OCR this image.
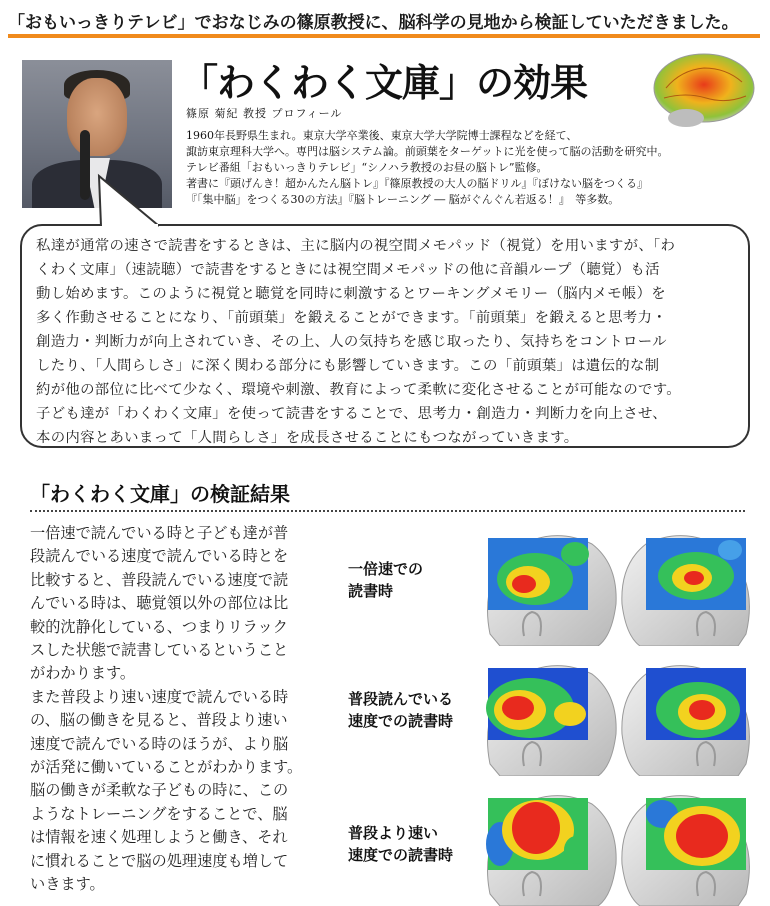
「おもいっきりテレビ」でおなじみの篠原教授に、脳科学の見地から検証していただきました。
「わくわく文庫」の効果
篠原 菊紀 教授 プロフィール
1960年長野県生まれ。東京大学卒業後、東京大学大学院博士課程などを経て、
諏訪東京理科大学へ。専門は脳システム論。前頭葉をターゲットに光を使って脳の活動を研究中。
テレビ番組「おもいっきりテレビ」“シノハラ教授のお昼の脳トレ”監修。
著書に『頭げんき！超かんたん脳トレ』『篠原教授の大人の脳ドリル』『ぼけない脳をつくる』
『「集中脳」をつくる30の方法』『脳トレーニング ― 脳がぐんぐん若返る！』　等多数。
私達が通常の速さで読書をするときは、主に脳内の視空間メモパッド（視覚）を用いますが、「わ
くわく文庫」（速読聴）で読書をするときには視空間メモパッドの他に音韻ループ（聴覚）も活
動し始めます。このように視覚と聴覚を同時に刺激するとワーキングメモリー（脳内メモ帳）を
多く作動させることになり、「前頭葉」を鍛えることができます。「前頭葉」を鍛えると思考力・
創造力・判断力が向上されていき、その上、人の気持ちを感じ取ったり、気持ちをコントロール
したり、「人間らしさ」に深く関わる部分にも影響していきます。この「前頭葉」は遺伝的な制
約が他の部位に比べて少なく、環境や刺激、教育によって柔軟に変化させることが可能なのです。
子ども達が「わくわく文庫」を使って読書をすることで、思考力・創造力・判断力を向上させ、
本の内容とあいまって「人間らしさ」を成長させることにもつながっていきます。
「わくわく文庫」の検証結果
一倍速で読んでいる時と子ども達が普
段読んでいる速度で読んでいる時とを
比較すると、普段読んでいる速度で読
んでいる時は、聴覚領以外の部位は比
較的沈静化している、つまりリラック
スした状態で読書しているということ
がわかります。
また普段より速い速度で読んでいる時
の、脳の働きを見ると、普段より速い
速度で読んでいる時のほうが、より脳
が活発に働いていることがわかります。
脳の働きが柔軟な子どもの時に、この
ようなトレーニングをすることで、脳
は情報を速く処理しようと働き、それ
に慣れることで脳の処理速度も増して
いきます。
一倍速での
読書時
普段読んでいる
速度での読書時
普段より速い
速度での読書時
